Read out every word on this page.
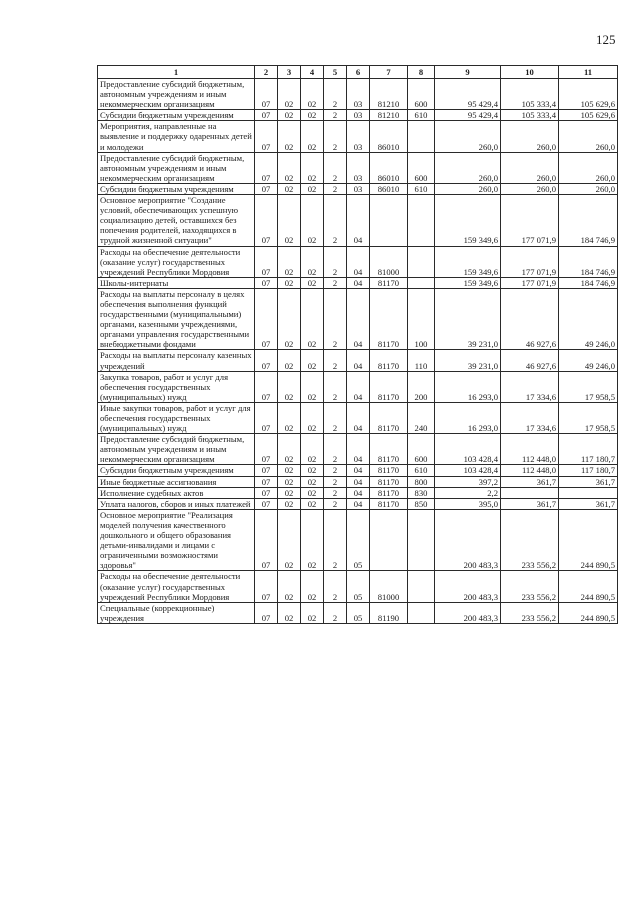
125
1	2	3	4	5	6	7	8	9	10	11
Предоставление субсидий бюджетным, автономным учреждениям и иным некоммерческим организациям	07	02	02	2	03	81210	600	95 429,4	105 333,4	105 629,6
Субсидии бюджетным учреждениям	07	02	02	2	03	81210	610	95 429,4	105 333,4	105 629,6
Мероприятия, направленные на выявление и поддержку одаренных детей и молодежи	07	02	02	2	03	86010		260,0	260,0	260,0
Предоставление субсидий бюджетным, автономным учреждениям и иным некоммерческим организациям	07	02	02	2	03	86010	600	260,0	260,0	260,0
Субсидии бюджетным учреждениям	07	02	02	2	03	86010	610	260,0	260,0	260,0
Основное мероприятие "Создание условий, обеспечивающих успешную социализацию детей, оставшихся без попечения родителей, находящихся в трудной жизненной ситуации"	07	02	02	2	04			159 349,6	177 071,9	184 746,9
Расходы на обеспечение деятельности (оказание услуг) государственных учреждений Республики Мордовия	07	02	02	2	04	81000		159 349,6	177 071,9	184 746,9
Школы-интернаты	07	02	02	2	04	81170		159 349,6	177 071,9	184 746,9
Расходы на выплаты персоналу в целях обеспечения выполнения функций государственными (муниципальными) органами, казенными учреждениями, органами управления государственными внебюджетными фондами	07	02	02	2	04	81170	100	39 231,0	46 927,6	49 246,0
Расходы на выплаты персоналу казенных учреждений	07	02	02	2	04	81170	110	39 231,0	46 927,6	49 246,0
Закупка товаров, работ и услуг для обеспечения государственных (муниципальных) нужд	07	02	02	2	04	81170	200	16 293,0	17 334,6	17 958,5
Иные закупки товаров, работ и услуг для обеспечения государственных (муниципальных) нужд	07	02	02	2	04	81170	240	16 293,0	17 334,6	17 958,5
Предоставление субсидий бюджетным, автономным учреждениям и иным некоммерческим организациям	07	02	02	2	04	81170	600	103 428,4	112 448,0	117 180,7
Субсидии бюджетным учреждениям	07	02	02	2	04	81170	610	103 428,4	112 448,0	117 180,7
Иные бюджетные ассигнования	07	02	02	2	04	81170	800	397,2	361,7	361,7
Исполнение судебных актов	07	02	02	2	04	81170	830	2,2		
Уплата налогов, сборов и иных платежей	07	02	02	2	04	81170	850	395,0	361,7	361,7
Основное мероприятие "Реализация моделей получения качественного дошкольного и общего образования детьми-инвалидами и лицами с ограниченными возможностями здоровья"	07	02	02	2	05			200 483,3	233 556,2	244 890,5
Расходы на обеспечение деятельности (оказание услуг) государственных учреждений Республики Мордовия	07	02	02	2	05	81000		200 483,3	233 556,2	244 890,5
Специальные (коррекционные) учреждения	07	02	02	2	05	81190		200 483,3	233 556,2	244 890,5
